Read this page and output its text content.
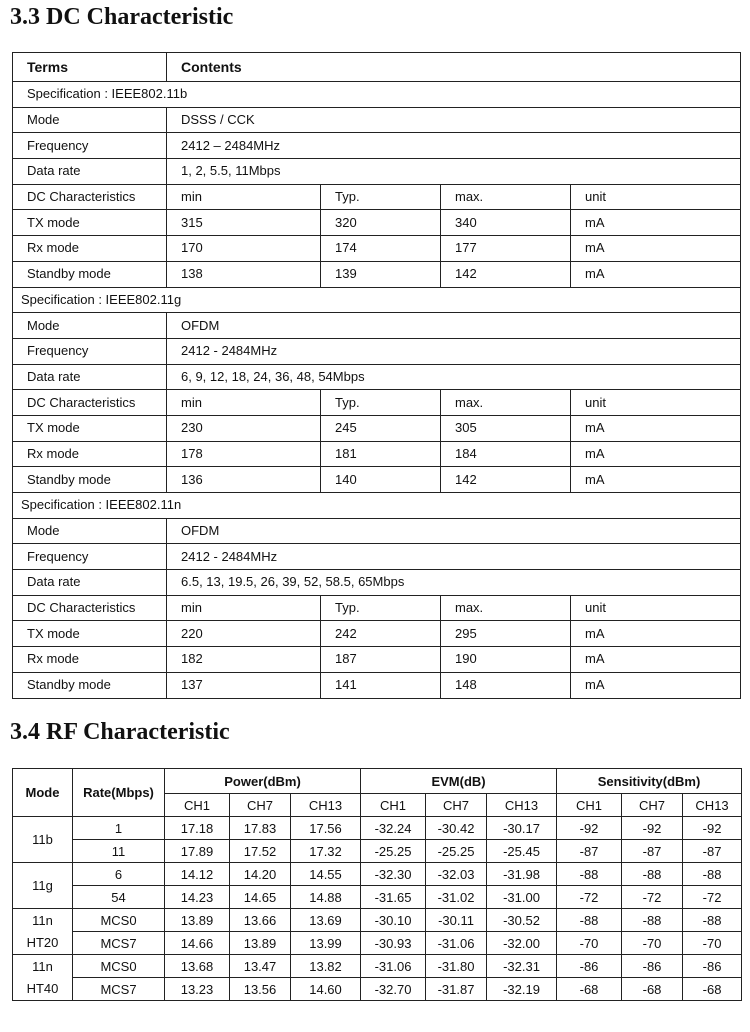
3.3 DC Characteristic
Terms	Contents			
Specification : IEEE802.11b				
Mode	DSSS / CCK			
Frequency	2412 – 2484MHz			
Data rate	1, 2, 5.5, 11Mbps			
DC Characteristics	min	Typ.	max.	unit
TX mode	315	320	340	mA
Rx mode	170	174	177	mA
Standby mode	138	139	142	mA
Specification : IEEE802.11g				
Mode	OFDM			
Frequency	2412 - 2484MHz			
Data rate	6, 9, 12, 18, 24, 36, 48, 54Mbps			
DC Characteristics	min	Typ.	max.	unit
TX mode	230	245	305	mA
Rx mode	178	181	184	mA
Standby mode	136	140	142	mA
Specification : IEEE802.11n				
Mode	OFDM			
Frequency	2412 - 2484MHz			
Data rate	6.5, 13, 19.5, 26, 39, 52, 58.5, 65Mbps			
DC Characteristics	min	Typ.	max.	unit
TX mode	220	242	295	mA
Rx mode	182	187	190	mA
Standby mode	137	141	148	mA
3.4 RF Characteristic
Mode	Rate(Mbps)	Power(dBm)			EVM(dB)			Sensitivity(dBm)		
		CH1	CH7	CH13	CH1	CH7	CH13	CH1	CH7	CH13
11b	1	17.18	17.83	17.56	-32.24	-30.42	-30.17	-92	-92	-92
	11	17.89	17.52	17.32	-25.25	-25.25	-25.45	-87	-87	-87
11g	6	14.12	14.20	14.55	-32.30	-32.03	-31.98	-88	-88	-88
	54	14.23	14.65	14.88	-31.65	-31.02	-31.00	-72	-72	-72
11n	MCS0	13.89	13.66	13.69	-30.10	-30.11	-30.52	-88	-88	-88
HT20	MCS7	14.66	13.89	13.99	-30.93	-31.06	-32.00	-70	-70	-70
11n	MCS0	13.68	13.47	13.82	-31.06	-31.80	-32.31	-86	-86	-86
HT40	MCS7	13.23	13.56	14.60	-32.70	-31.87	-32.19	-68	-68	-68
